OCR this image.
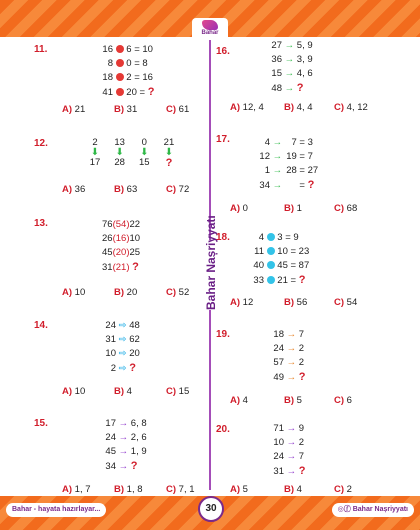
Bahar
Bahar Nașriyyatı
11.	16 6 = 10
8 0 = 8
18 2 = 16
41 20 = ?
A) 21	B) 31	C) 61
12.	2	13	0	21
⬇	⬇	⬇	⬇
17	28	15	?
A) 36	B) 63	C) 72
13.	76(54)22
26(16)10
45(20)25
31(21) ?
A) 10	B) 20	C) 52
14.	24 ⇨ 48
31 ⇨ 62
10 ⇨ 20
2 ⇨ ?
A) 10	B) 4	C) 15
15.	17 → 6, 8
24 → 2, 6
45 → 1, 9
34 → ?
A) 1, 7 B) 1, 8 C) 7, 1
16.
27 → 5, 9
36 → 3, 9
15 → 4, 6
48 → ?
A) 12, 4 B) 4, 4 C) 4, 12
17.	4 → 7 = 3
12 → 19 = 7
1 → 28 = 27
34 →  = ?
A) 0	B) 1	C) 68
18.	4 3 = 9
11 10 = 23
40 45 = 87
33 21 = ?
A) 12	B) 56	C) 54
19.	18 → 7
24 → 2
57 → 2
49 → ?
A) 4	B) 5	C) 6
20.	71 → 9
10 → 2
24 → 7
31 → ?
A) 5	B) 4	C) 2
Bahar - hayata hazırlayar...	30	◎ⓕ Bahar Nașriyyatı
